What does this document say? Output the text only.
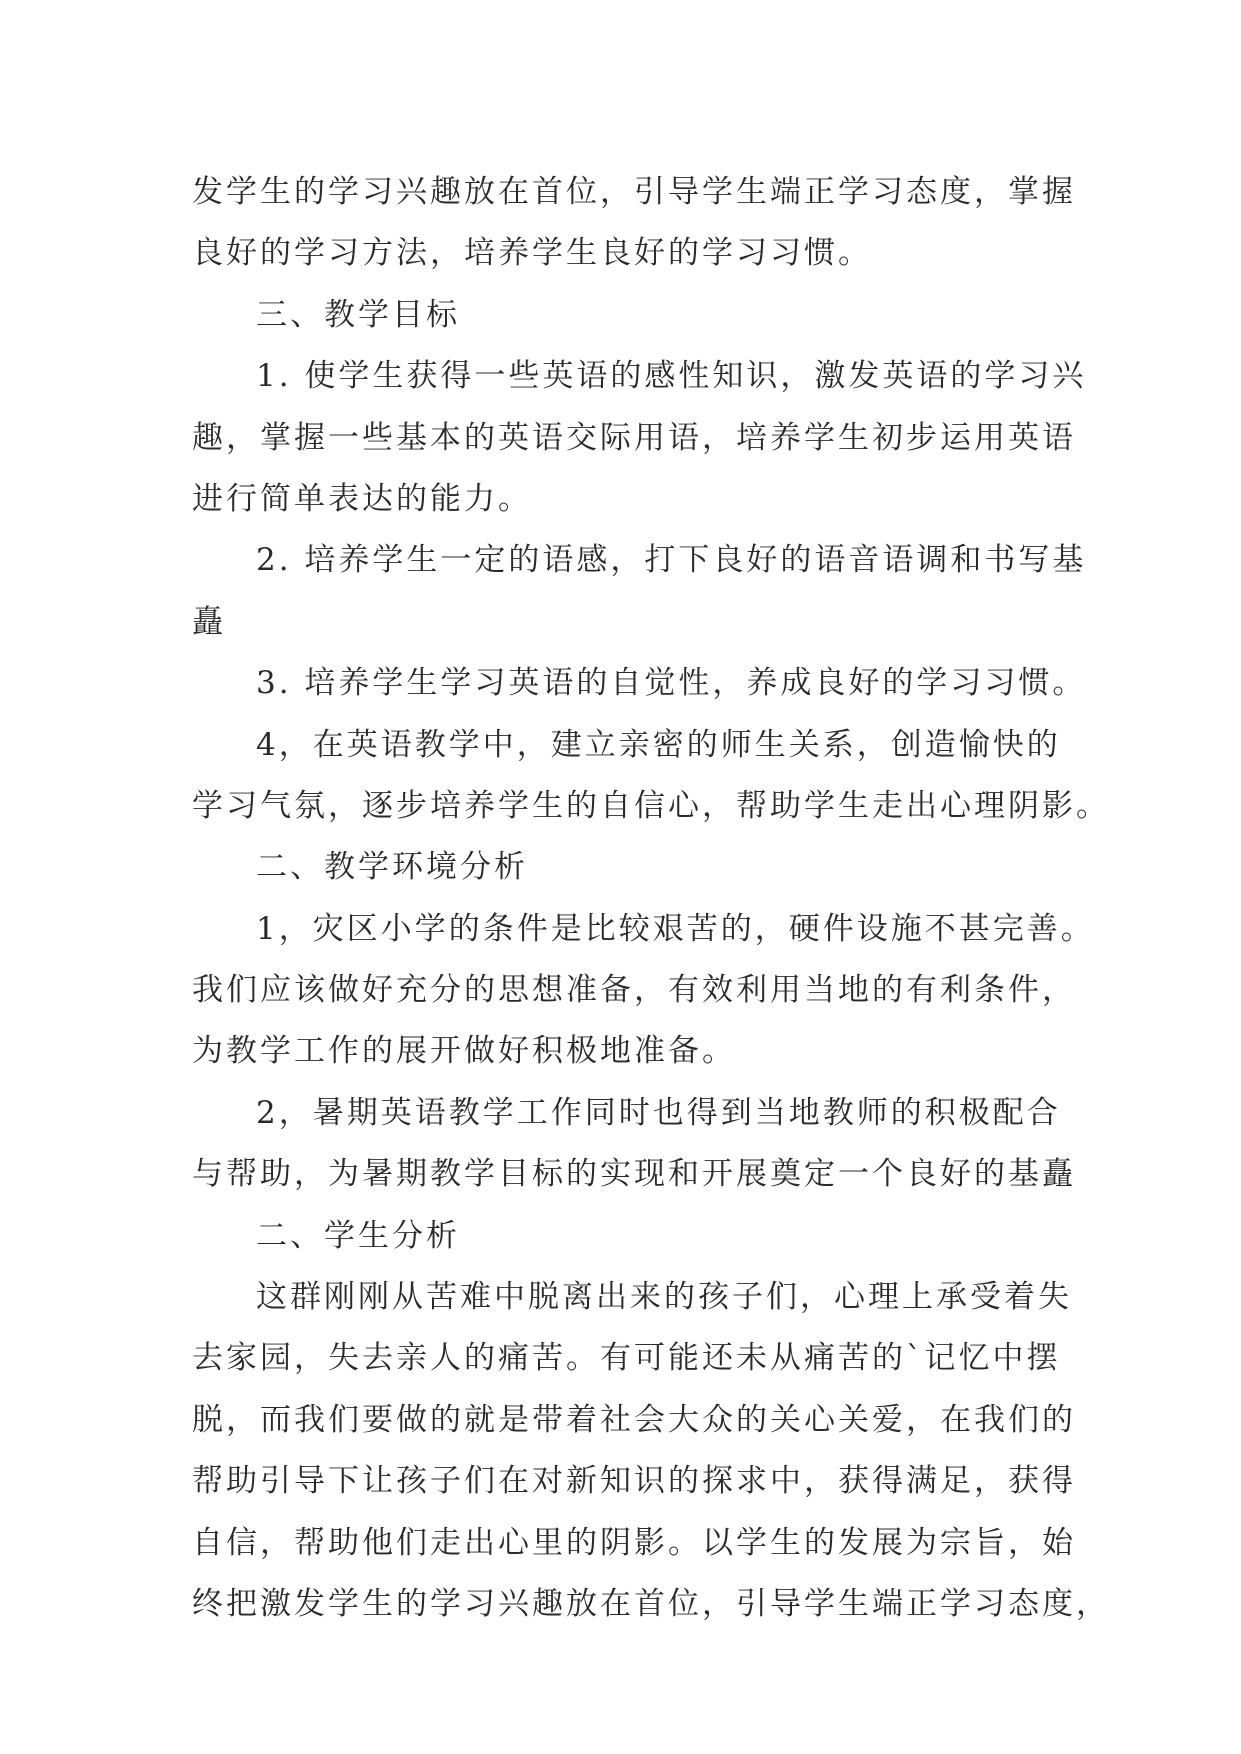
发学生的学习兴趣放在首位，引导学生端正学习态度，掌握
良好的学习方法，培养学生良好的学习习惯。
三、教学目标
1. 使学生获得一些英语的感性知识，激发英语的学习兴
趣，掌握一些基本的英语交际用语，培养学生初步运用英语
进行简单表达的能力。
2. 培养学生一定的语感，打下良好的语音语调和书写基
矗
3. 培养学生学习英语的自觉性，养成良好的学习习惯。
4，在英语教学中，建立亲密的师生关系，创造愉快的
学习气氛，逐步培养学生的自信心，帮助学生走出心理阴影。
二、教学环境分析
1，灾区小学的条件是比较艰苦的，硬件设施不甚完善。
我们应该做好充分的思想准备，有效利用当地的有利条件，
为教学工作的展开做好积极地准备。
2，暑期英语教学工作同时也得到当地教师的积极配合
与帮助，为暑期教学目标的实现和开展奠定一个良好的基矗
二、学生分析
这群刚刚从苦难中脱离出来的孩子们，心理上承受着失
去家园，失去亲人的痛苦。有可能还未从痛苦的`记忆中摆
脱，而我们要做的就是带着社会大众的关心关爱，在我们的
帮助引导下让孩子们在对新知识的探求中，获得满足，获得
自信，帮助他们走出心里的阴影。以学生的发展为宗旨，始
终把激发学生的学习兴趣放在首位，引导学生端正学习态度，
